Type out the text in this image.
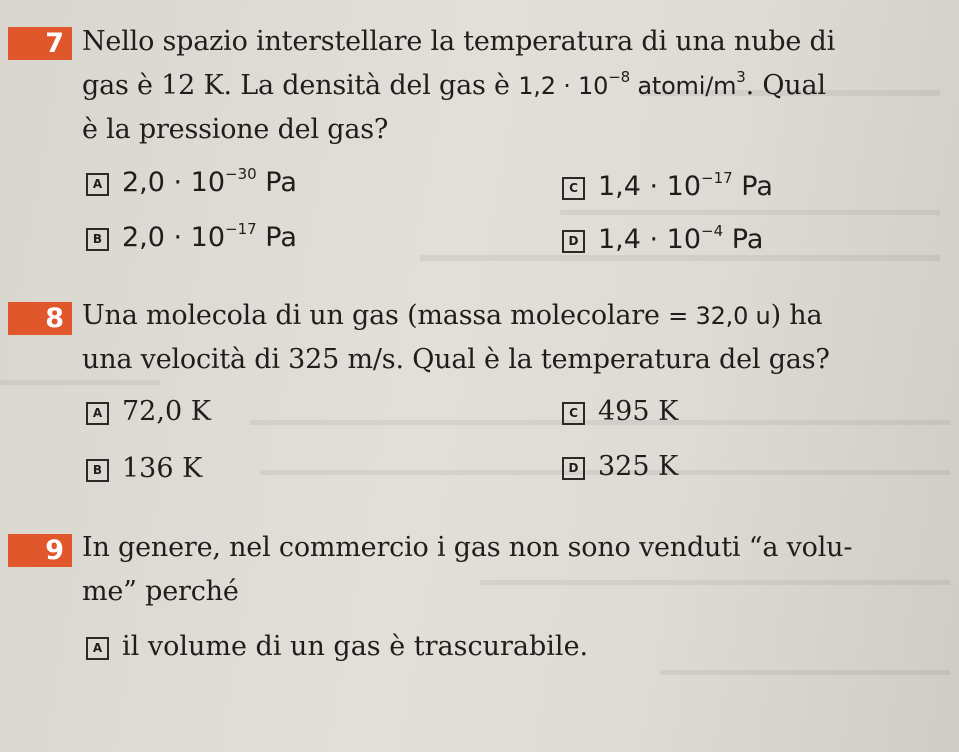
7 Nello spazio interstellare la temperatura di una nube di
gas è 12 K. La densità del gas è $1,2 \cdot 10^{-8}$ atomi/$m^3$. Qual
è la pressione del gas?
A $2,0 \cdot 10^{-30}$ Pa	C $1,4 \cdot 10^{-17}$ Pa
B $2,0 \cdot 10^{-17}$ Pa	D $1,4 \cdot 10^{-4}$ Pa
8 Una molecola di un gas (massa molecolare = 32,0 u) ha
una velocità di 325 m/s. Qual è la temperatura del gas?
A 72,0 K	C 495 K
B 136 K	D 325 K
9 In genere, nel commercio i gas non sono venduti “a volu-
me” perché
A il volume di un gas è trascurabile.
